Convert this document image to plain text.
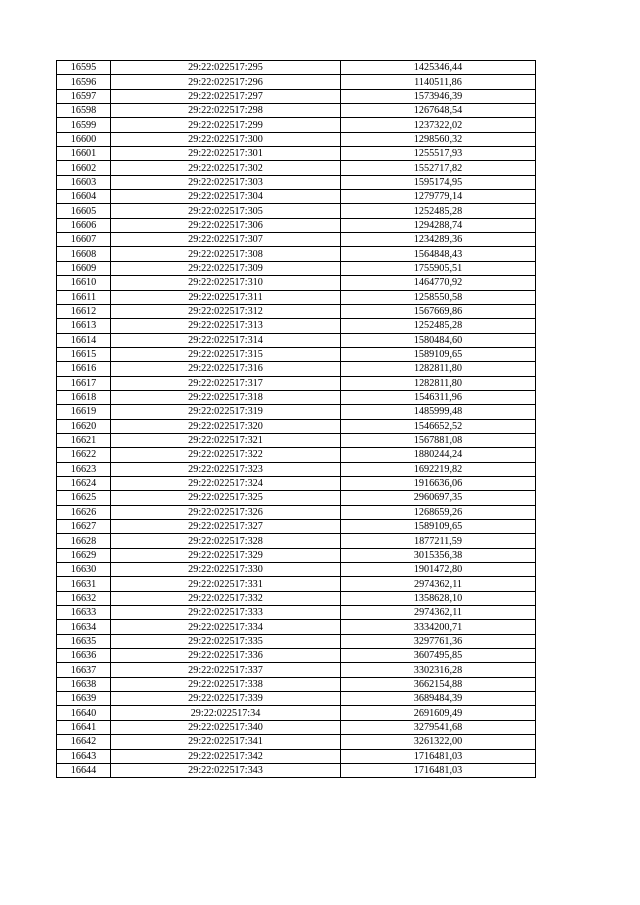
16595	29:22:022517:295	1425346,44
16596	29:22:022517:296	1140511,86
16597	29:22:022517:297	1573946,39
16598	29:22:022517:298	1267648,54
16599	29:22:022517:299	1237322,02
16600	29:22:022517:300	1298560,32
16601	29:22:022517:301	1255517,93
16602	29:22:022517:302	1552717,82
16603	29:22:022517:303	1595174,95
16604	29:22:022517:304	1279779,14
16605	29:22:022517:305	1252485,28
16606	29:22:022517:306	1294288,74
16607	29:22:022517:307	1234289,36
16608	29:22:022517:308	1564848,43
16609	29:22:022517:309	1755905,51
16610	29:22:022517:310	1464770,92
16611	29:22:022517:311	1258550,58
16612	29:22:022517:312	1567669,86
16613	29:22:022517:313	1252485,28
16614	29:22:022517:314	1580484,60
16615	29:22:022517:315	1589109,65
16616	29:22:022517:316	1282811,80
16617	29:22:022517:317	1282811,80
16618	29:22:022517:318	1546311,96
16619	29:22:022517:319	1485999,48
16620	29:22:022517:320	1546652,52
16621	29:22:022517:321	1567881,08
16622	29:22:022517:322	1880244,24
16623	29:22:022517:323	1692219,82
16624	29:22:022517:324	1916636,06
16625	29:22:022517:325	2960697,35
16626	29:22:022517:326	1268659,26
16627	29:22:022517:327	1589109,65
16628	29:22:022517:328	1877211,59
16629	29:22:022517:329	3015356,38
16630	29:22:022517:330	1901472,80
16631	29:22:022517:331	2974362,11
16632	29:22:022517:332	1358628,10
16633	29:22:022517:333	2974362,11
16634	29:22:022517:334	3334200,71
16635	29:22:022517:335	3297761,36
16636	29:22:022517:336	3607495,85
16637	29:22:022517:337	3302316,28
16638	29:22:022517:338	3662154,88
16639	29:22:022517:339	3689484,39
16640	29:22:022517:34	2691609,49
16641	29:22:022517:340	3279541,68
16642	29:22:022517:341	3261322,00
16643	29:22:022517:342	1716481,03
16644	29:22:022517:343	1716481,03
